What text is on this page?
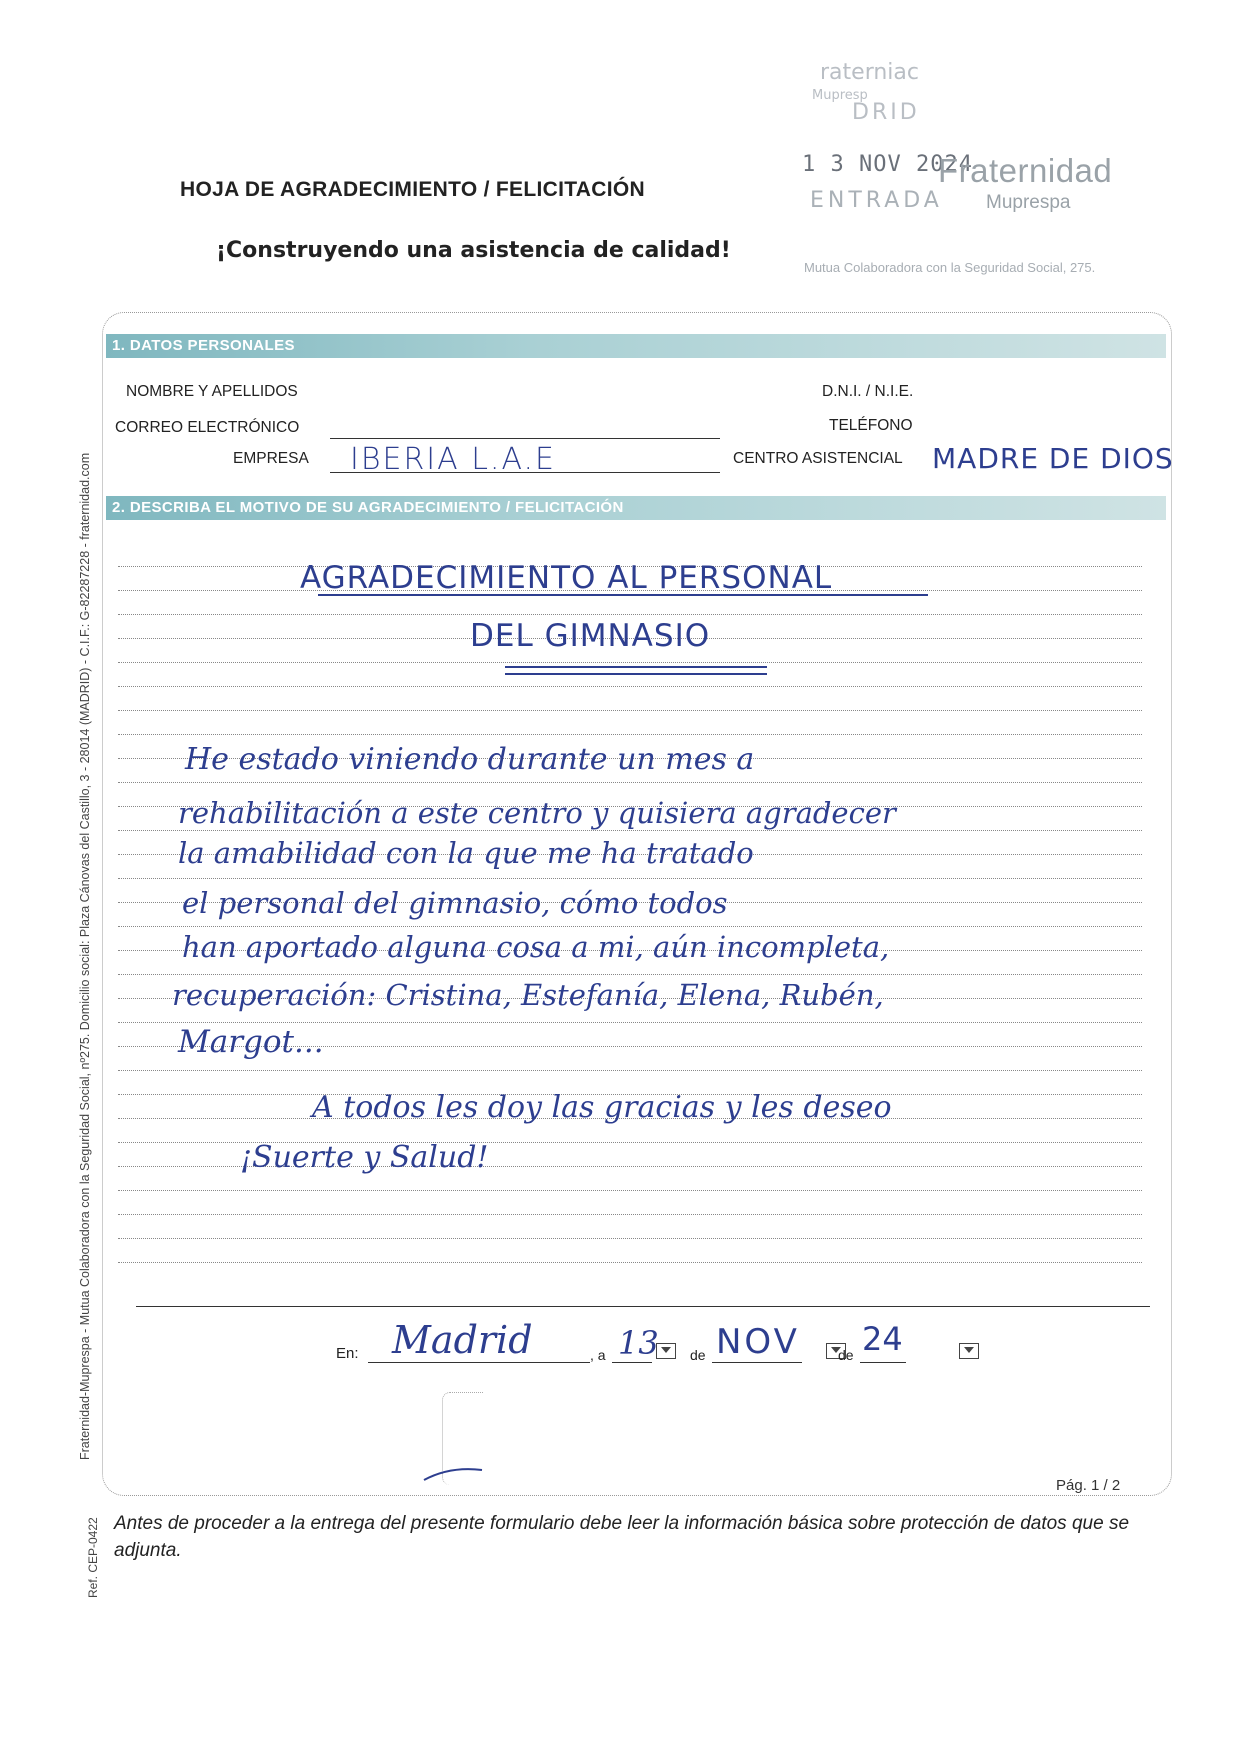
HOJA DE AGRADECIMIENTO / FELICITACIÓN
¡Construyendo una asistencia de calidad!
raterniac
Mupresp
DRID
1 3 NOV 2024
ENTRADA
Fraternidad
Muprespa
Mutua Colaboradora con la Seguridad Social, 275.
1. DATOS PERSONALES
NOMBRE Y APELLIDOS	D.N.I. / N.I.E.
CORREO ELECTRÓNICO	TELÉFONO
EMPRESA IBERIA L.A.E	CENTRO ASISTENCIAL MADRE DE DIOS
2. DESCRIBA EL MOTIVO DE SU AGRADECIMIENTO / FELICITACIÓN
AGRADECIMIENTO AL PERSONAL
DEL GIMNASIO
He estado viniendo durante un mes a
rehabilitación a este centro y quisiera agradecer
la amabilidad con la que me ha tratado
el personal del gimnasio, cómo todos
han aportado alguna cosa a mi, aún incompleta,
recuperación: Cristina, Estefanía, Elena, Rubén,
Margot...
A todos les doy las gracias y les deseo
¡Suerte y Salud!
En: Madrid	, a 13
de NOV
	de 24
Pág. 1 / 2
Antes de proceder a la entrega del presente formulario debe leer la información básica sobre protección de datos que se adjunta.
Fraternidad-Muprespa - Mutua Colaboradora con la Seguridad Social, nº275. Domicilio social: Plaza Cánovas del Castillo, 3 - 28014 (MADRID) - C.I.F.: G-82287228 - fraternidad.com
Ref. CEP-0422
